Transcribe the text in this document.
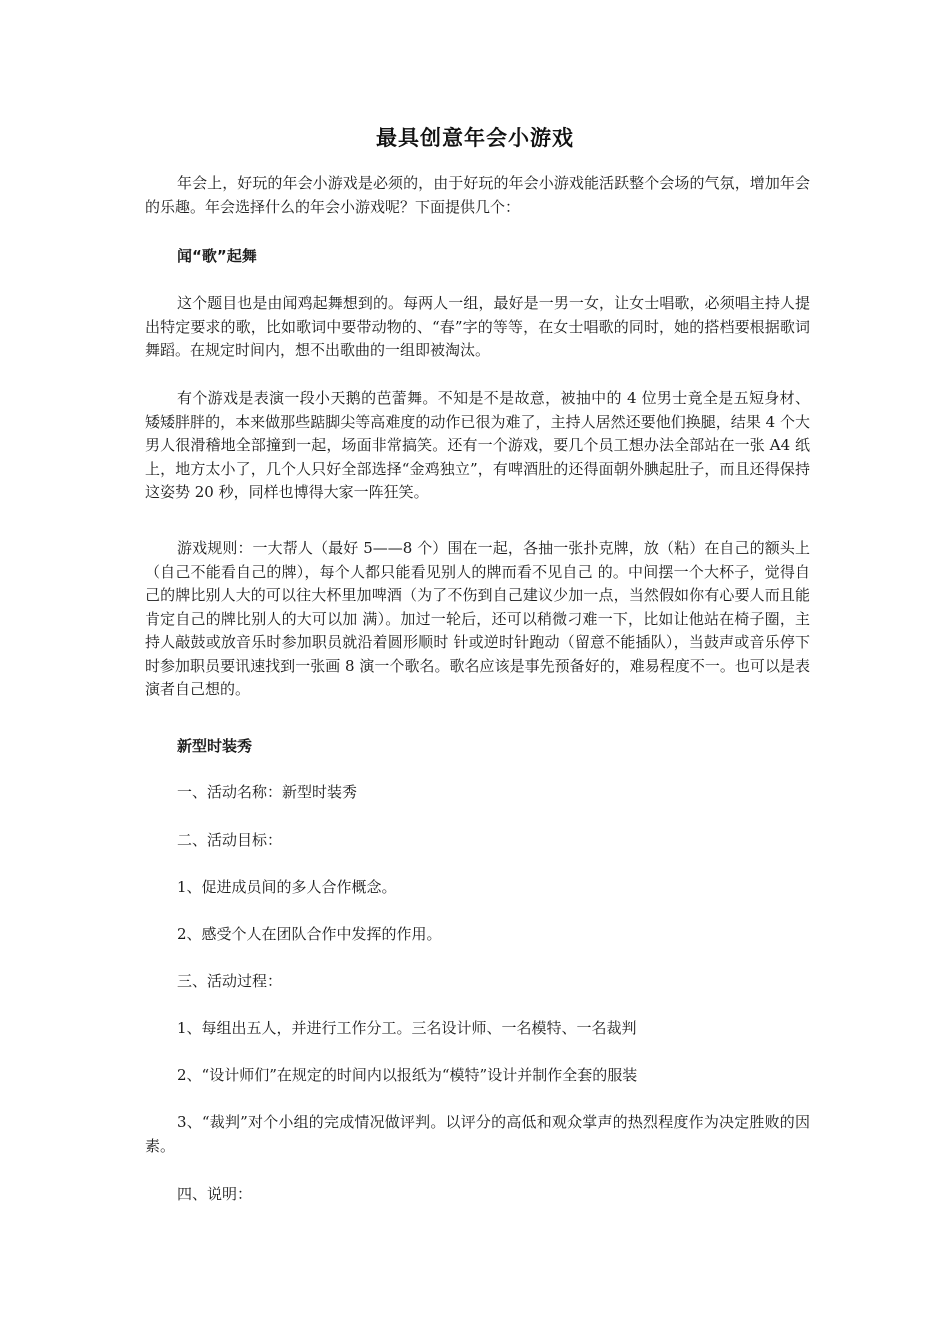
最具创意年会小游戏

年会上，好玩的年会小游戏是必须的，由于好玩的年会小游戏能活跃整个会场的气氛，增加年会的乐趣。年会选择什么的年会小游戏呢？下面提供几个：

闻“歌”起舞

这个题目也是由闻鸡起舞想到的。每两人一组，最好是一男一女，让女士唱歌，必须唱主持人提出特定要求的歌，比如歌词中要带动物的、“春”字的等等，在女士唱歌的同时，她的搭档要根据歌词舞蹈。在规定时间内，想不出歌曲的一组即被淘汰。

有个游戏是表演一段小天鹅的芭蕾舞。不知是不是故意，被抽中的 4 位男士竟全是五短身材、矮矮胖胖的，本来做那些踮脚尖等高难度的动作已很为难了，主持人居然还要他们换腿，结果 4 个大男人很滑稽地全部撞到一起，场面非常搞笑。还有一个游戏，要几个员工想办法全部站在一张 A4 纸上，地方太小了，几个人只好全部选择“金鸡独立”，有啤酒肚的还得面朝外腆起肚子，而且还得保持这姿势 20 秒，同样也博得大家一阵狂笑。

游戏规则：一大帮人（最好 5——8 个）围在一起，各抽一张扑克牌，放（粘）在自己的额头上（自己不能看自己的牌），每个人都只能看见别人的牌而看不见自己 的。中间摆一个大杯子，觉得自己的牌比别人大的可以往大杯里加啤酒（为了不伤到自己建议少加一点，当然假如你有心要人而且能肯定自己的牌比别人的大可以加 满）。加过一轮后，还可以稍微刁难一下，比如让他站在椅子圈，主持人敲鼓或放音乐时参加职员就沿着圆形顺时 针或逆时针跑动（留意不能插队），当鼓声或音乐停下时参加职员要讯速找到一张画 8 演一个歌名。歌名应该是事先预备好的，难易程度不一。也可以是表演者自己想的。

新型时装秀

一、活动名称：新型时装秀

二、活动目标：

1、促进成员间的多人合作概念。

2、感受个人在团队合作中发挥的作用。

三、活动过程：

1、每组出五人，并进行工作分工。三名设计师、一名模特、一名裁判

2、“设计师们”在规定的时间内以报纸为“模特”设计并制作全套的服装

3、“裁判”对个小组的完成情况做评判。以评分的高低和观众掌声的热烈程度作为决定胜败的因素。

四、说明：
